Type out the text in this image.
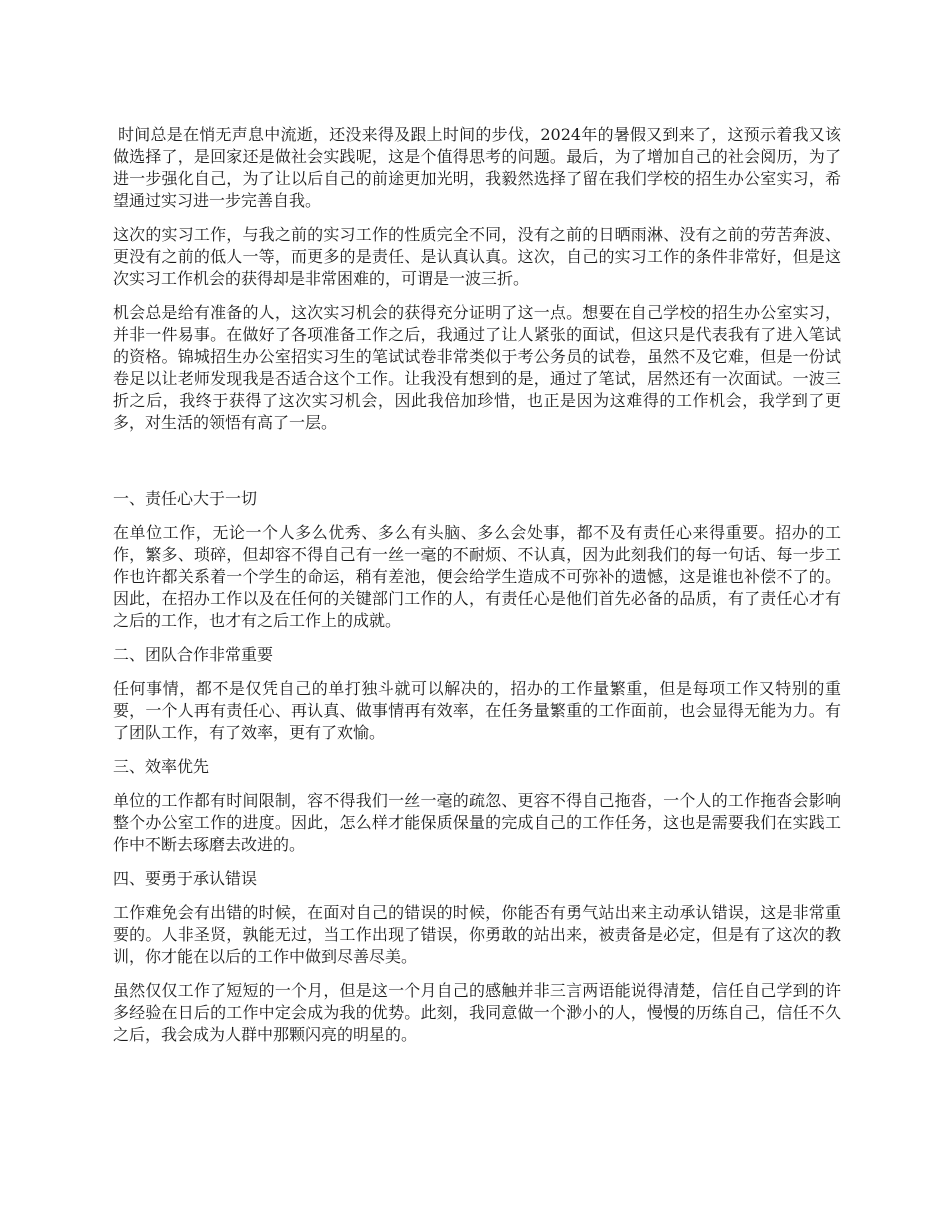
时间总是在悄无声息中流逝，还没来得及跟上时间的步伐，2024年的暑假又到来了，这预示着我又该做选择了，是回家还是做社会实践呢，这是个值得思考的问题。最后，为了增加自己的社会阅历，为了进一步强化自己，为了让以后自己的前途更加光明，我毅然选择了留在我们学校的招生办公室实习，希望通过实习进一步完善自我。

这次的实习工作，与我之前的实习工作的性质完全不同，没有之前的日晒雨淋、没有之前的劳苦奔波、更没有之前的低人一等，而更多的是责任、是认真认真。这次，自己的实习工作的条件非常好，但是这次实习工作机会的获得却是非常困难的，可谓是一波三折。

机会总是给有准备的人，这次实习机会的获得充分证明了这一点。想要在自己学校的招生办公室实习，并非一件易事。在做好了各项准备工作之后，我通过了让人紧张的面试，但这只是代表我有了进入笔试的资格。锦城招生办公室招实习生的笔试试卷非常类似于考公务员的试卷，虽然不及它难，但是一份试卷足以让老师发现我是否适合这个工作。让我没有想到的是，通过了笔试，居然还有一次面试。一波三折之后，我终于获得了这次实习机会，因此我倍加珍惜，也正是因为这难得的工作机会，我学到了更多，对生活的领悟有高了一层。

一、责任心大于一切

在单位工作，无论一个人多么优秀、多么有头脑、多么会处事，都不及有责任心来得重要。招办的工作，繁多、琐碎，但却容不得自己有一丝一毫的不耐烦、不认真，因为此刻我们的每一句话、每一步工作也许都关系着一个学生的命运，稍有差池，便会给学生造成不可弥补的遗憾，这是谁也补偿不了的。因此，在招办工作以及在任何的关键部门工作的人，有责任心是他们首先必备的品质，有了责任心才有之后的工作，也才有之后工作上的成就。

二、团队合作非常重要

任何事情，都不是仅凭自己的单打独斗就可以解决的，招办的工作量繁重，但是每项工作又特别的重要，一个人再有责任心、再认真、做事情再有效率，在任务量繁重的工作面前，也会显得无能为力。有了团队工作，有了效率，更有了欢愉。

三、效率优先

单位的工作都有时间限制，容不得我们一丝一毫的疏忽、更容不得自己拖沓，一个人的工作拖沓会影响整个办公室工作的进度。因此，怎么样才能保质保量的完成自己的工作任务，这也是需要我们在实践工作中不断去琢磨去改进的。

四、要勇于承认错误

工作难免会有出错的时候，在面对自己的错误的时候，你能否有勇气站出来主动承认错误，这是非常重要的。人非圣贤，孰能无过，当工作出现了错误，你勇敢的站出来，被责备是必定，但是有了这次的教训，你才能在以后的工作中做到尽善尽美。

虽然仅仅工作了短短的一个月，但是这一个月自己的感触并非三言两语能说得清楚，信任自己学到的许多经验在日后的工作中定会成为我的优势。此刻，我同意做一个渺小的人，慢慢的历练自己，信任不久之后，我会成为人群中那颗闪亮的明星的。
